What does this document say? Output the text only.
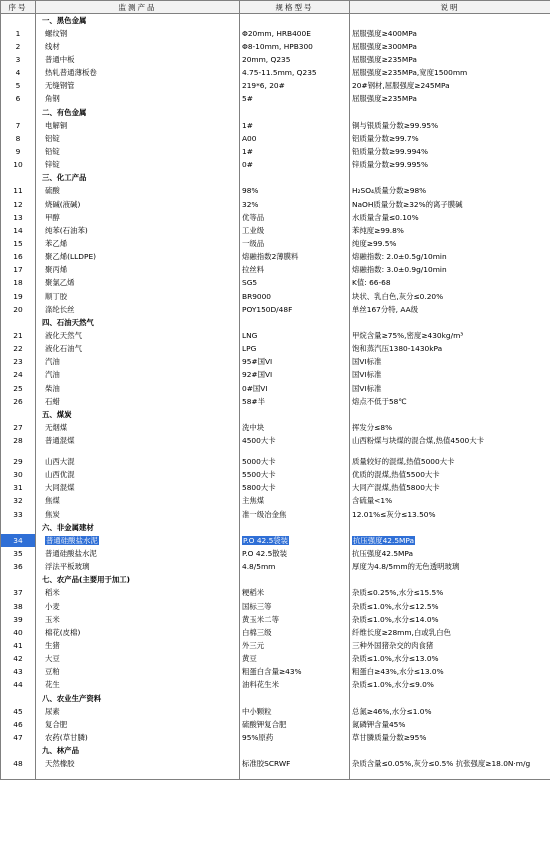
序号	监测产品	规格型号	说明
	一、黑色金属		
1	螺纹钢	Φ20mm, HRB400E	屈服强度≥400MPa
2	线材	Φ8-10mm, HPB300	屈服强度≥300MPa
3	普通中板	20mm, Q235	屈服强度≥235MPa
4	热轧普通薄板卷	4.75-11.5mm, Q235	屈服强度≥235MPa,宽度1500mm
5	无缝钢管	219*6, 20#	20#钢材,屈服强度≥245MPa
6	角钢	5#	屈服强度≥235MPa
	二、有色金属		
7	电解铜	1#	铜与银质量分数≥99.95%
8	铝锭	A00	铝质量分数≥99.7%
9	铅锭	1#	铅质量分数≥99.994%
10	锌锭	0#	锌质量分数≥99.995%
	三、化工产品		
11	硫酸	98%	H₂SO₄质量分数≥98%
12	烧碱(液碱)	32%	NaOH质量分数≥32%的离子膜碱
13	甲醇	优等品	水质量含量≤0.10%
14	纯苯(石油苯)	工业级	苯纯度≥99.8%
15	苯乙烯	一级品	纯度≥99.5%
16	聚乙烯(LLDPE)	熔融指数2薄膜料	熔融指数: 2.0±0.5g/10min
17	聚丙烯	拉丝料	熔融指数: 3.0±0.9g/10min
18	聚氯乙烯	SG5	K值: 66-68
19	顺丁胶	BR9000	块状、乳白色,灰分≤0.20%
20	涤纶长丝	POY150D/48F	单丝167分特, AA级
	四、石油天然气		
21	液化天然气	LNG	甲烷含量≥75%,密度≥430kg/m³
22	液化石油气	LPG	饱和蒸汽压1380-1430kPa
23	汽油	95#国VI	国VI标准
24	汽油	92#国VI	国VI标准
25	柴油	0#国VI	国VI标准
26	石蜡	58#半	熔点不低于58℃
	五、煤炭		
27	无烟煤	洗中块	挥发分≤8%
28	普通混煤	4500大卡	山西粉煤与块煤的混合煤,热值4500大卡
29	山西大混	5000大卡	质量较好的混煤,热值5000大卡
30	山西优混	5500大卡	优质的混煤,热值5500大卡
31	大同混煤	5800大卡	大同产混煤,热值5800大卡
32	焦煤	主焦煤	含硫量<1%
33	焦炭	准一级冶金焦	12.01%≤灰分≤13.50%
	六、非金属建材		
34	普通硅酸盐水泥	P.O 42.5袋装	抗压强度42.5MPa
35	普通硅酸盐水泥	P.O 42.5散装	抗压强度42.5MPa
36	浮法平板玻璃	4.8/5mm	厚度为4.8/5mm的无色透明玻璃
	七、农产品(主要用于加工)		
37	稻米	粳稻米	杂质≤0.25%,水分≤15.5%
38	小麦	国标三等	杂质≤1.0%,水分≤12.5%
39	玉米	黄玉米二等	杂质≤1.0%,水分≤14.0%
40	棉花(皮棉)	白棉三级	纤维长度≥28mm,白或乳白色
41	生猪	外三元	三种外国猪杂交的肉食猪
42	大豆	黄豆	杂质≤1.0%,水分≤13.0%
43	豆粕	粗蛋白含量≥43%	粗蛋白≥43%,水分≤13.0%
44	花生	油料花生米	杂质≤1.0%,水分≤9.0%
	八、农业生产资料		
45	尿素	中小颗粒	总氮≥46%,水分≤1.0%
46	复合肥	硫酸钾复合肥	氮磷钾含量45%
47	农药(草甘膦)	95%原药	草甘膦质量分数≥95%
	九、林产品		
48	天然橡胶	标准胶SCRWF	杂质含量≤0.05%,灰分≤0.5% 抗张强度≥18.0N·m/g
